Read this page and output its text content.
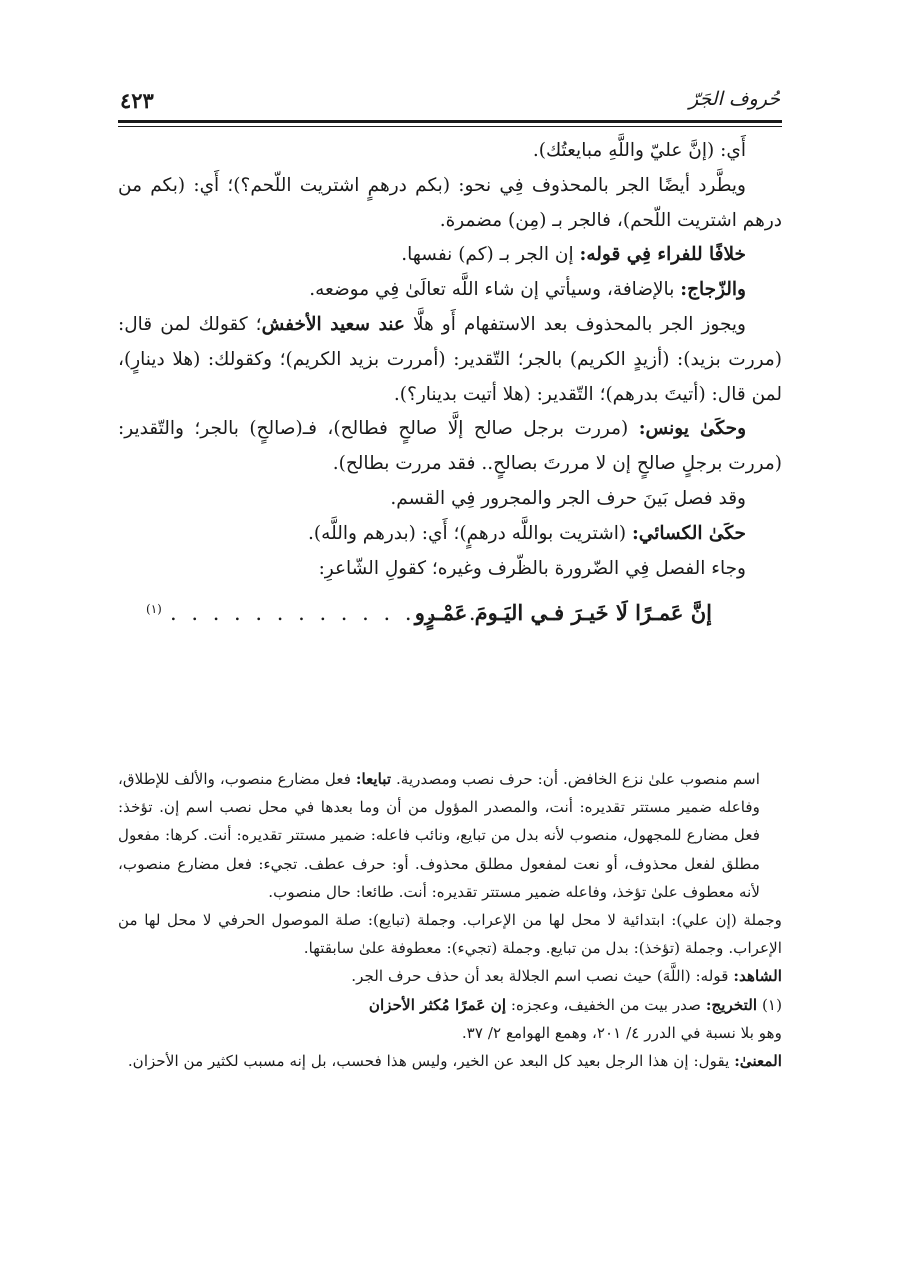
حُروف الجَرّ
٤٢٣

أَي: (إنَّ عليّ واللَّهِ مبايعتُك).

ويطَّرد أيضًا الجر بالمحذوف فِي نحو: (بكم درهمٍ اشتريت اللّحم؟)؛ أَي: (بكم من درهم اشتريت اللّحم)، فالجر بـ (مِن) مضمرة.

خلافًا للفراء فِي قوله: إن الجر بـ (كم) نفسها.

والزّجاج: بالإضافة، وسيأتي إن شاء اللَّه تعالَىٰ فِي موضعه.

ويجوز الجر بالمحذوف بعد الاستفهام أَو هلَّا عند سعيد الأخفش؛ كقولك لمن قال: (مررت بزيد): (أزيدٍ الكريم) بالجر؛ التّقدير: (أمررت بزيد الكريم)؛ وكقولك: (هلا دينارٍ)، لمن قال: (أتيتَ بدرهم)؛ التّقدير: (هلا أتيت بدينار؟).

وحكَىٰ يونس: (مررت برجل صالح إلَّا صالحٍ فطالح)، فـ(صالحٍ) بالجر؛ والتّقدير: (مررت برجلٍ صالحٍ إن لا مررتَ بصالحٍ.. فقد مررت بطالح).

وقد فصل بَينَ حرف الجر والمجرور فِي القسم.

حكَىٰ الكسائي: (اشتريت بواللَّه درهمٍ)؛ أَي: (بدرهم واللَّه).

وجاء الفصل فِي الضّرورة بالظّرف وغيره؛ كقولِ الشّاعرِ:

إنَّ عَمـرًا لَا خَيـرَ فـي اليَـومَ عَمْـرٍو
. . . . . . . . . . . . . . . .
(١)

اسم منصوب علىٰ نزع الخافض. أن: حرف نصب ومصدرية. تبايعا: فعل مضارع منصوب، والألف للإطلاق، وفاعله ضمير مستتر تقديره: أنت، والمصدر المؤول من أن وما بعدها في محل نصب اسم إن. تؤخذ: فعل مضارع للمجهول، منصوب لأنه بدل من تبايع، ونائب فاعله: ضمير مستتر تقديره: أنت. كرها: مفعول مطلق لفعل محذوف، أو نعت لمفعول مطلق محذوف. أو: حرف عطف. تجيء: فعل مضارع منصوب، لأنه معطوف علىٰ تؤخذ، وفاعله ضمير مستتر تقديره: أنت. طائعا: حال منصوب.

وجملة (إن علي): ابتدائية لا محل لها من الإعراب. وجملة (تبايع): صلة الموصول الحرفي لا محل لها من الإعراب. وجملة (تؤخذ): بدل من تبايع. وجملة (تجيء): معطوفة علىٰ سابقتها.

الشاهد: قوله: (اللَّهَ) حيث نصب اسم الجلالة بعد أن حذف حرف الجر.

(١) التخريج: صدر بيت من الخفيف، وعجزه: إن عَمرًا مُكثر الأحزان

وهو بلا نسبة في الدرر ٤/ ٢٠١، وهمع الهوامع ٢/ ٣٧.

المعنىٰ: يقول: إن هذا الرجل بعيد كل البعد عن الخير، وليس هذا فحسب، بل إنه مسبب لكثير من الأحزان.
